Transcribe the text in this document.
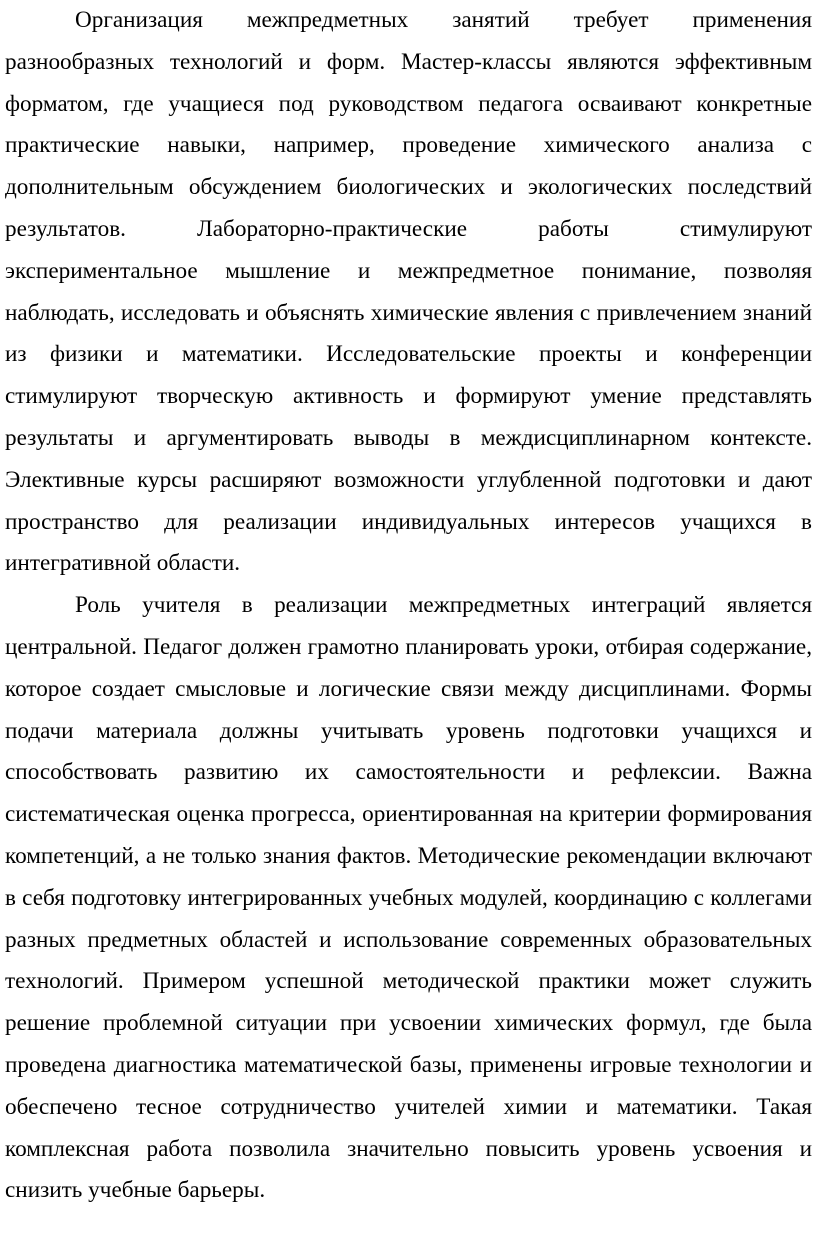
Организация межпредметных занятий требует применения разнообразных технологий и форм. Мастер-классы являются эффективным форматом, где учащиеся под руководством педагога осваивают конкретные практические навыки, например, проведение химического анализа с дополнительным обсуждением биологических и экологических последствий результатов. Лабораторно-практические работы стимулируют экспериментальное мышление и межпредметное понимание, позволяя наблюдать, исследовать и объяснять химические явления с привлечением знаний из физики и математики. Исследовательские проекты и конференции стимулируют творческую активность и формируют умение представлять результаты и аргументировать выводы в междисциплинарном контексте. Элективные курсы расширяют возможности углубленной подготовки и дают пространство для реализации индивидуальных интересов учащихся в интегративной области.

Роль учителя в реализации межпредметных интеграций является центральной. Педагог должен грамотно планировать уроки, отбирая содержание, которое создает смысловые и логические связи между дисциплинами. Формы подачи материала должны учитывать уровень подготовки учащихся и способствовать развитию их самостоятельности и рефлексии. Важна систематическая оценка прогресса, ориентированная на критерии формирования компетенций, а не только знания фактов. Методические рекомендации включают в себя подготовку интегрированных учебных модулей, координацию с коллегами разных предметных областей и использование современных образовательных технологий. Примером успешной методической практики может служить решение проблемной ситуации при усвоении химических формул, где была проведена диагностика математической базы, применены игровые технологии и обеспечено тесное сотрудничество учителей химии и математики. Такая комплексная работа позволила значительно повысить уровень усвоения и снизить учебные барьеры.
